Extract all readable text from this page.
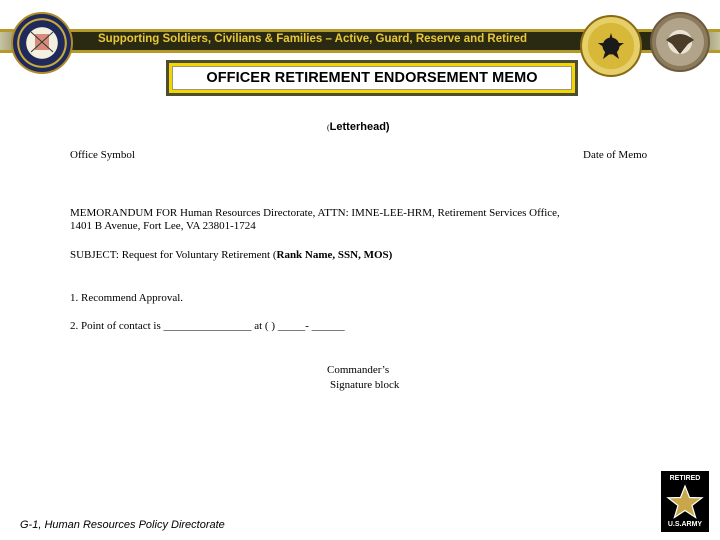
Supporting Soldiers, Civilians & Families – Active, Guard, Reserve and Retired
OFFICER RETIREMENT ENDORSEMENT MEMO
(Letterhead)
Office Symbol	Date of Memo
MEMORANDUM FOR Human Resources Directorate, ATTN: IMNE-LEE-HRM, Retirement Services Office,
1401 B Avenue, Fort Lee, VA 23801-1724
SUBJECT: Request for Voluntary Retirement (Rank Name, SSN, MOS)
1. Recommend Approval.
2. Point of contact is ________________ at ( ) _____- ______
Commander’s
Signature block
G-1, Human Resources Policy Directorate
RETIRED
U.S.ARMY
